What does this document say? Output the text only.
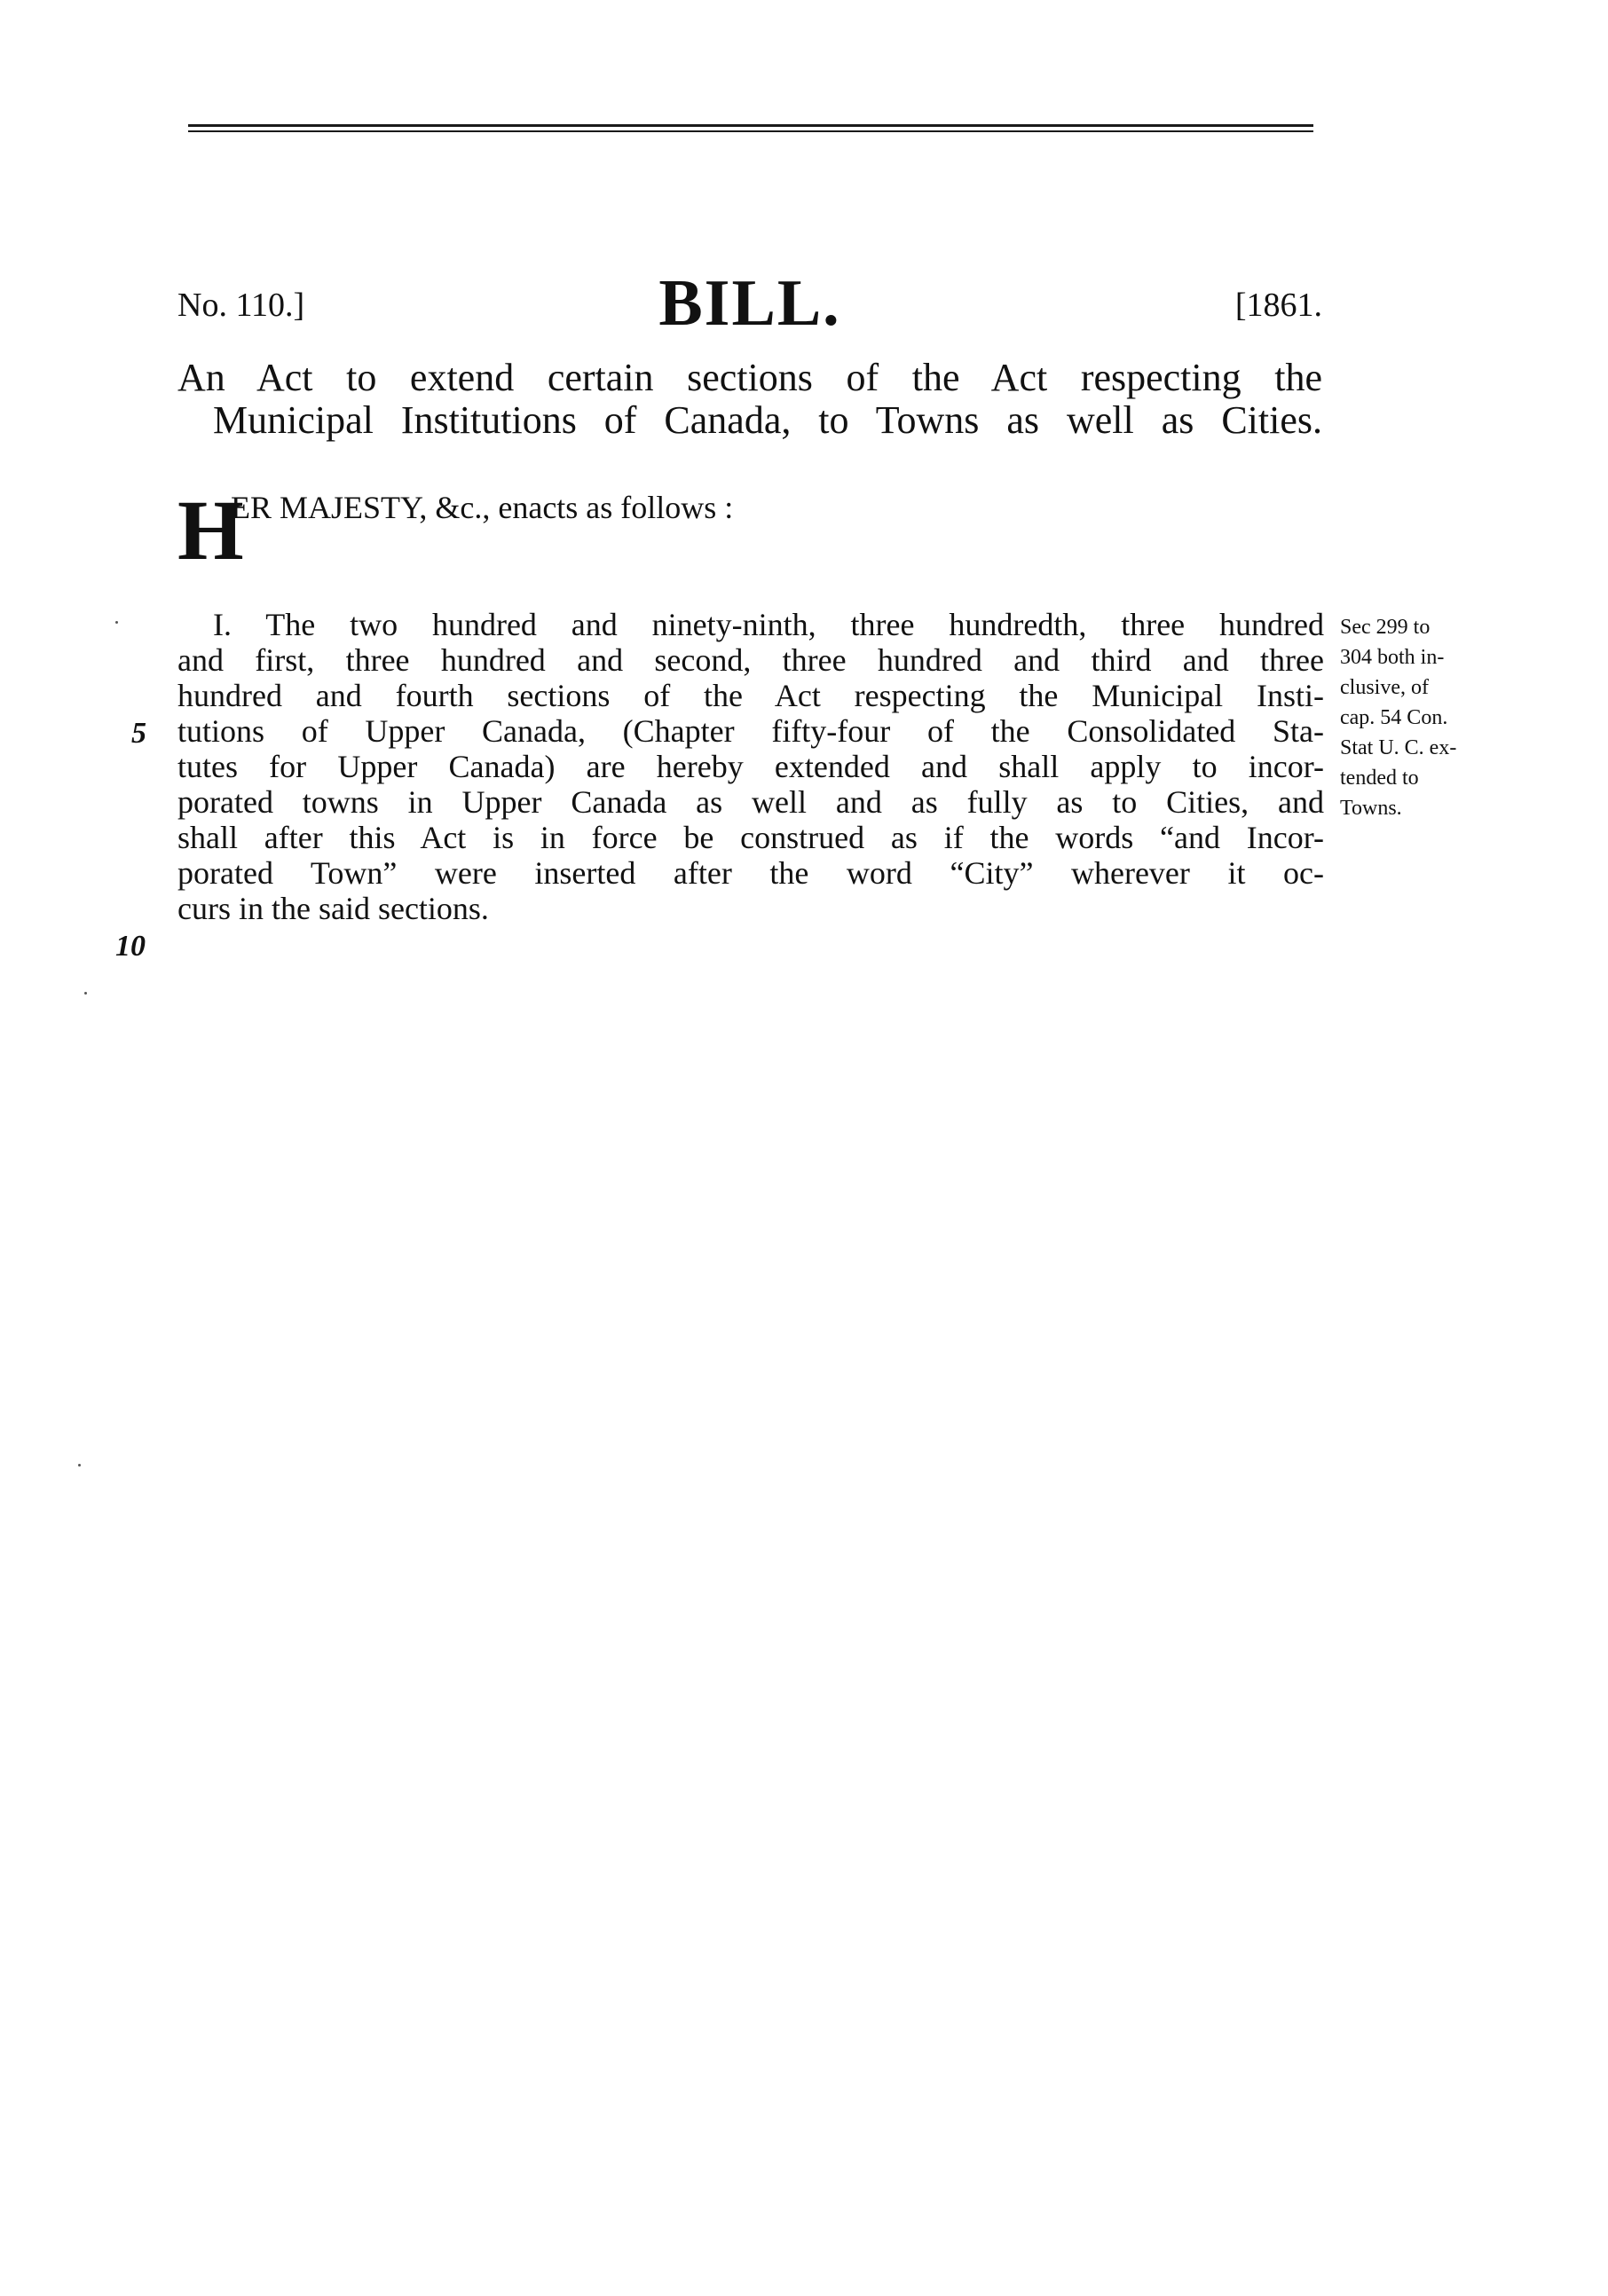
No. 110.]	BILL.	[1861.
An Act to extend certain sections of the Act respecting the
Municipal Institutions of Canada, to Towns as well as Cities.
H
ER MAJESTY, &c., enacts as follows :
I. The two hundred and ninety-ninth, three hundredth, three hundred
and first, three hundred and second, three hundred and third and three
hundred and fourth sections of the Act respecting the Municipal Insti-
tutions of Upper Canada, (Chapter fifty-four of the Consolidated Sta-
tutes for Upper Canada) are hereby extended and shall apply to incor-
porated towns in Upper Canada as well and as fully as to Cities, and
shall after this Act is in force be construed as if the words “and Incor-
porated Town” were inserted after the word “City” wherever it oc-
curs in the said sections.
5
10
Sec 299 to
304 both in-
clusive, of
cap. 54 Con.
Stat U. C. ex-
tended to
Towns.
